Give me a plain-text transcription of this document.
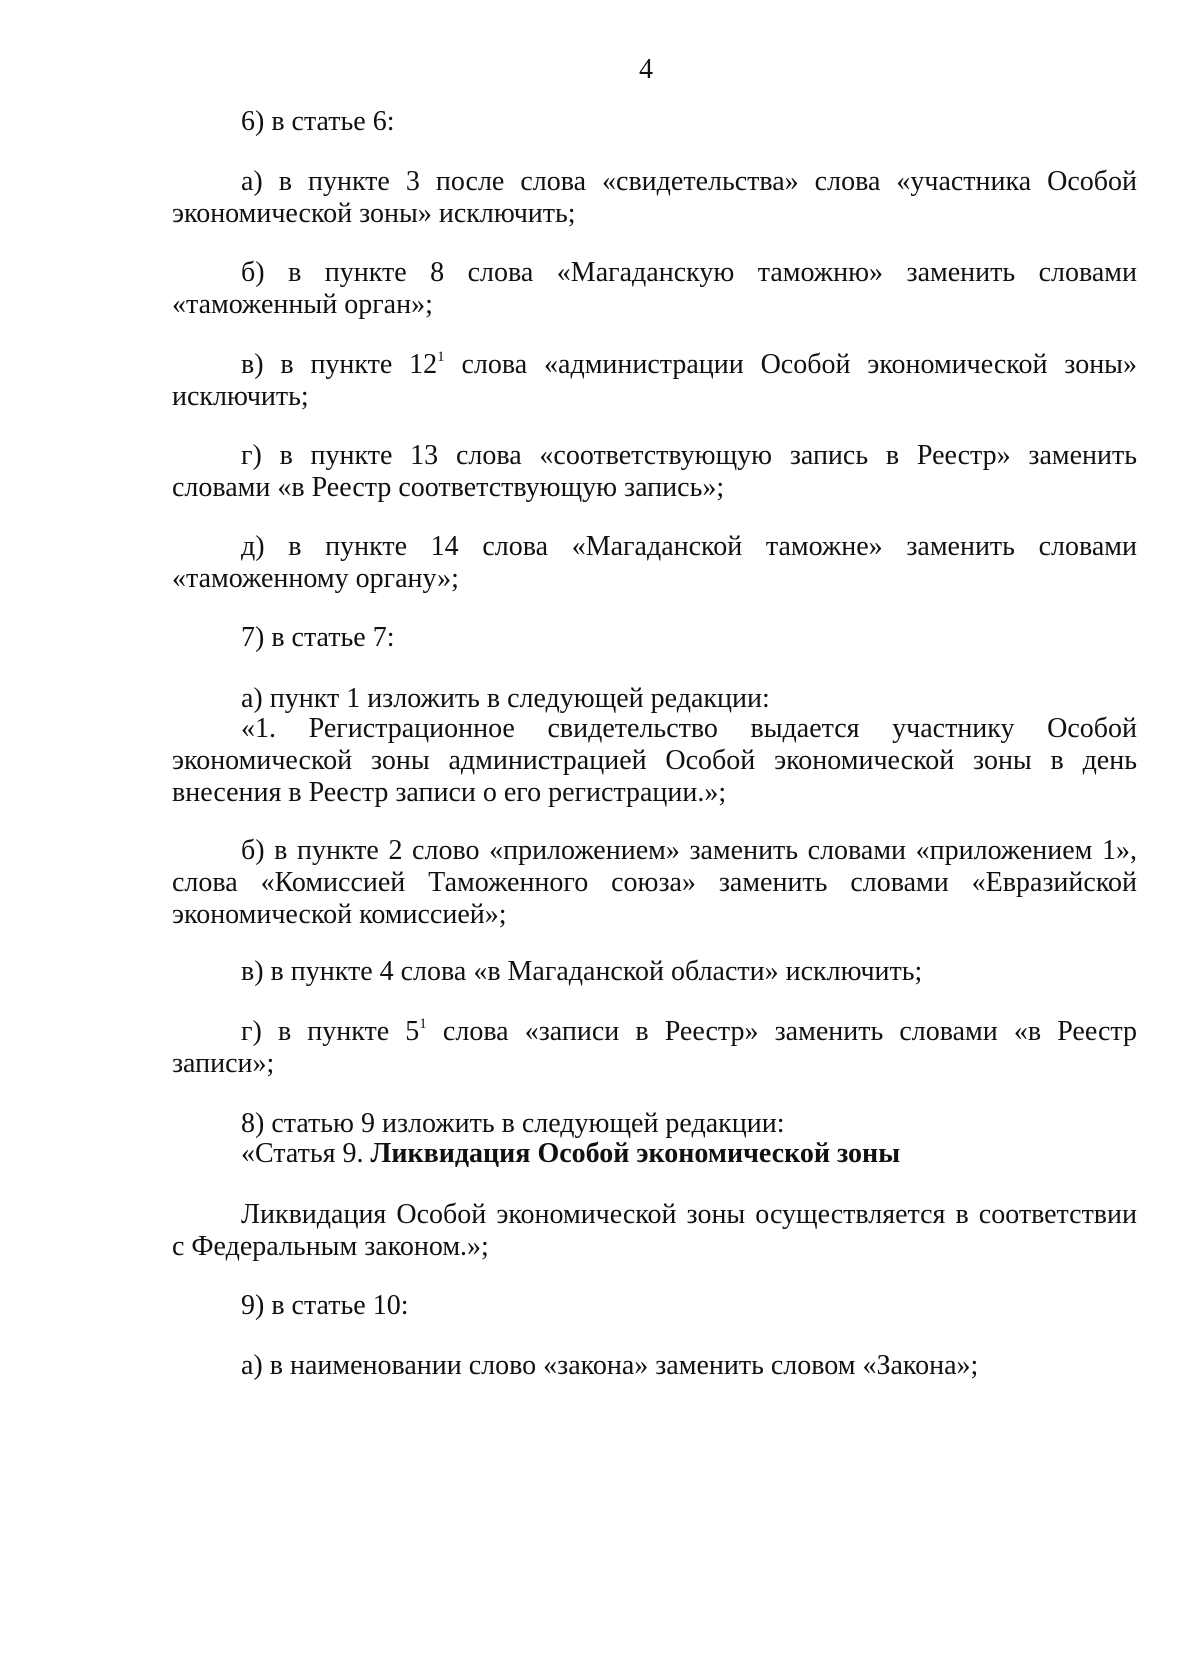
4
6) в статье 6:
а) в пункте 3 после слова «свидетельства» слова «участника Особой экономической зоны» исключить;
б) в пункте 8 слова «Магаданскую таможню» заменить словами «таможенный орган»;
в) в пункте $12^1$ слова «администрации Особой экономической зоны» исключить;
г) в пункте 13 слова «соответствующую запись в Реестр» заменить словами «в Реестр соответствующую запись»;
д) в пункте 14 слова «Магаданской таможне» заменить словами «таможенному органу»;
7) в статье 7:
а) пункт 1 изложить в следующей редакции:
«1. Регистрационное свидетельство выдается участнику Особой экономической зоны администрацией Особой экономической зоны в день внесения в Реестр записи о его регистрации.»;
б) в пункте 2 слово «приложением» заменить словами «приложением 1», слова «Комиссией Таможенного союза» заменить словами «Евразийской экономической комиссией»;
в) в пункте 4 слова «в Магаданской области» исключить;
г) в пункте $5^1$ слова «записи в Реестр» заменить словами «в Реестр записи»;
8) статью 9 изложить в следующей редакции:
«Статья 9. Ликвидация Особой экономической зоны
Ликвидация Особой экономической зоны осуществляется в соответствии с Федеральным законом.»;
9) в статье 10:
а) в наименовании слово «закона» заменить словом «Закона»;
